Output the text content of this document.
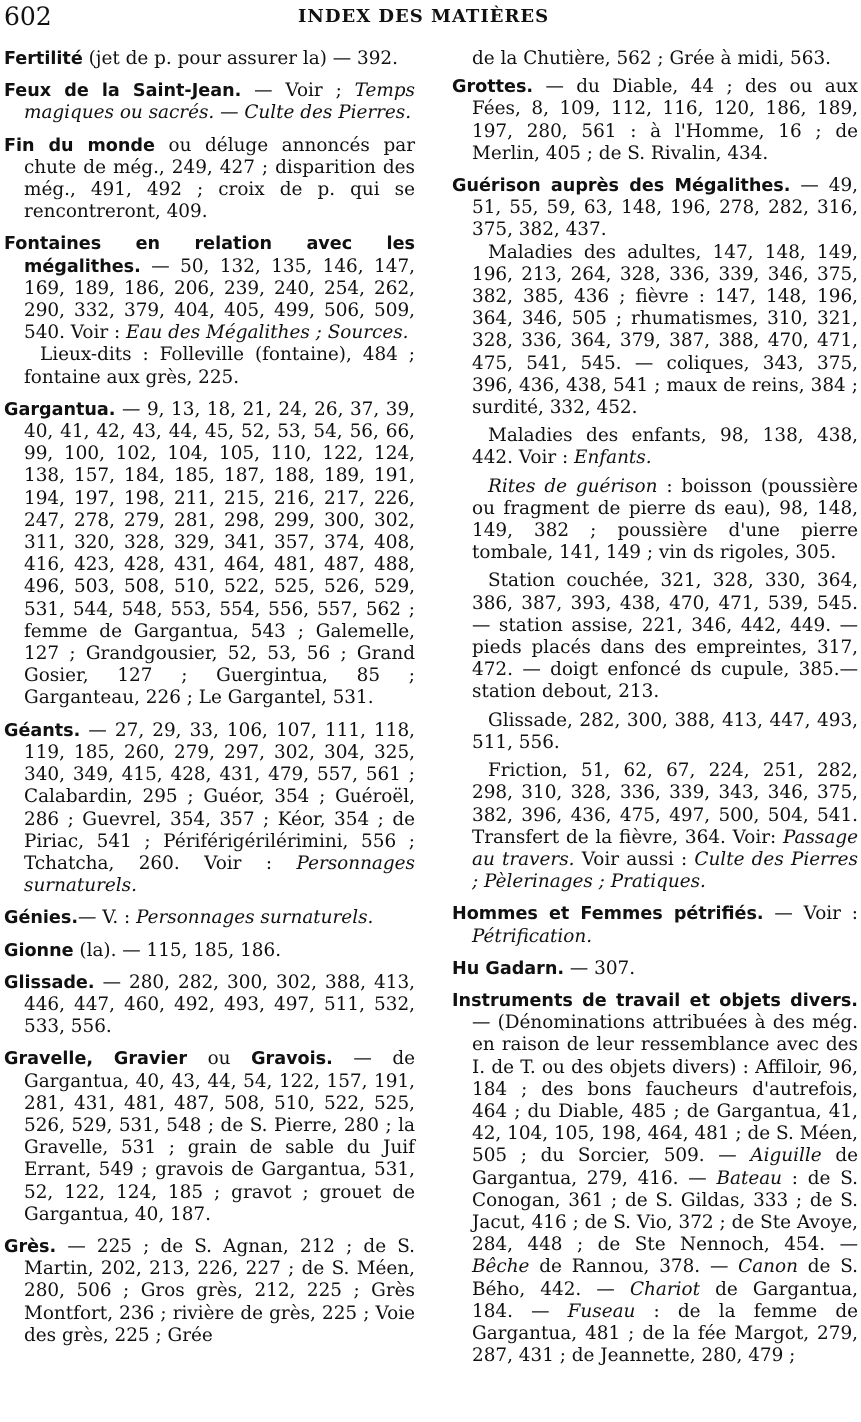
602	INDEX DES MATIÈRES

Fertilité (jet de p. pour assurer la) — 392.

Feux de la Saint-Jean. — Voir ; Temps magiques ou sacrés. — Culte des Pierres.

Fin du monde ou déluge annoncés par chute de még., 249, 427 ; disparition des még., 491, 492 ; croix de p. qui se rencontreront, 409.

Fontaines en relation avec les mégalithes. — 50, 132, 135, 146, 147, 169, 189, 186, 206, 239, 240, 254, 262, 290, 332, 379, 404, 405, 499, 506, 509, 540. Voir : Eau des Mégalithes ; Sources.

Lieux-dits : Folleville (fontaine), 484 ; fontaine aux grès, 225.

Gargantua. — 9, 13, 18, 21, 24, 26, 37, 39, 40, 41, 42, 43, 44, 45, 52, 53, 54, 56, 66, 99, 100, 102, 104, 105, 110, 122, 124, 138, 157, 184, 185, 187, 188, 189, 191, 194, 197, 198, 211, 215, 216, 217, 226, 247, 278, 279, 281, 298, 299, 300, 302, 311, 320, 328, 329, 341, 357, 374, 408, 416, 423, 428, 431, 464, 481, 487, 488, 496, 503, 508, 510, 522, 525, 526, 529, 531, 544, 548, 553, 554, 556, 557, 562 ; femme de Gargantua, 543 ; Galemelle, 127 ; Grandgousier, 52, 53, 56 ; Grand Gosier, 127 ; Guergintua, 85 ; Garganteau, 226 ; Le Gargantel, 531.

Géants. — 27, 29, 33, 106, 107, 111, 118, 119, 185, 260, 279, 297, 302, 304, 325, 340, 349, 415, 428, 431, 479, 557, 561 ; Calabardin, 295 ; Guéor, 354 ; Guéroël, 286 ; Guevrel, 354, 357 ; Kéor, 354 ; de Piriac, 541 ; Périférigérilérimini, 556 ; Tchatcha, 260. Voir : Personnages surnaturels.

Génies.— V. : Personnages surnaturels.

Gionne (la). — 115, 185, 186.

Glissade. — 280, 282, 300, 302, 388, 413, 446, 447, 460, 492, 493, 497, 511, 532, 533, 556.

Gravelle, Gravier ou Gravois. — de Gargantua, 40, 43, 44, 54, 122, 157, 191, 281, 431, 481, 487, 508, 510, 522, 525, 526, 529, 531, 548 ; de S. Pierre, 280 ; la Gravelle, 531 ; grain de sable du Juif Errant, 549 ; gravois de Gargantua, 531, 52, 122, 124, 185 ; gravot ; grouet de Gargantua, 40, 187.

Grès. — 225 ; de S. Agnan, 212 ; de S. Martin, 202, 213, 226, 227 ; de S. Méen, 280, 506 ; Gros grès, 212, 225 ; Grès Montfort, 236 ; rivière de grès, 225 ; Voie des grès, 225 ; Grée

de la Chutière, 562 ; Grée à midi, 563.

Grottes. — du Diable, 44 ; des ou aux Fées, 8, 109, 112, 116, 120, 186, 189, 197, 280, 561 : à l'Homme, 16 ; de Merlin, 405 ; de S. Rivalin, 434.

Guérison auprès des Mégalithes. — 49, 51, 55, 59, 63, 148, 196, 278, 282, 316, 375, 382, 437.

Maladies des adultes, 147, 148, 149, 196, 213, 264, 328, 336, 339, 346, 375, 382, 385, 436 ; fièvre : 147, 148, 196, 364, 346, 505 ; rhumatismes, 310, 321, 328, 336, 364, 379, 387, 388, 470, 471, 475, 541, 545. — coliques, 343, 375, 396, 436, 438, 541 ; maux de reins, 384 ; surdité, 332, 452.

Maladies des enfants, 98, 138, 438, 442. Voir : Enfants.

Rites de guérison : boisson (poussière ou fragment de pierre ds eau), 98, 148, 149, 382 ; poussière d'une pierre tombale, 141, 149 ; vin ds rigoles, 305.

Station couchée, 321, 328, 330, 364, 386, 387, 393, 438, 470, 471, 539, 545. — station assise, 221, 346, 442, 449. — pieds placés dans des empreintes, 317, 472. — doigt enfoncé ds cupule, 385.— station debout, 213.

Glissade, 282, 300, 388, 413, 447, 493, 511, 556.

Friction, 51, 62, 67, 224, 251, 282, 298, 310, 328, 336, 339, 343, 346, 375, 382, 396, 436, 475, 497, 500, 504, 541. Transfert de la fièvre, 364. Voir: Passage au travers. Voir aussi : Culte des Pierres ; Pèlerinages ; Pratiques.

Hommes et Femmes pétrifiés. — Voir : Pétrification.

Hu Gadarn. — 307.

Instruments de travail et objets divers. — (Dénominations attribuées à des még. en raison de leur ressemblance avec des I. de T. ou des objets divers) : Affiloir, 96, 184 ; des bons faucheurs d'autrefois, 464 ; du Diable, 485 ; de Gargantua, 41, 42, 104, 105, 198, 464, 481 ; de S. Méen, 505 ; du Sorcier, 509. — Aiguille de Gargantua, 279, 416. — Bateau : de S. Conogan, 361 ; de S. Gildas, 333 ; de S. Jacut, 416 ; de S. Vio, 372 ; de Ste Avoye, 284, 448 ; de Ste Nennoch, 454. — Bêche de Rannou, 378. — Canon de S. Bého, 442. — Chariot de Gargantua, 184. — Fuseau : de la femme de Gargantua, 481 ; de la fée Margot, 279, 287, 431 ; de Jeannette, 280, 479 ;
